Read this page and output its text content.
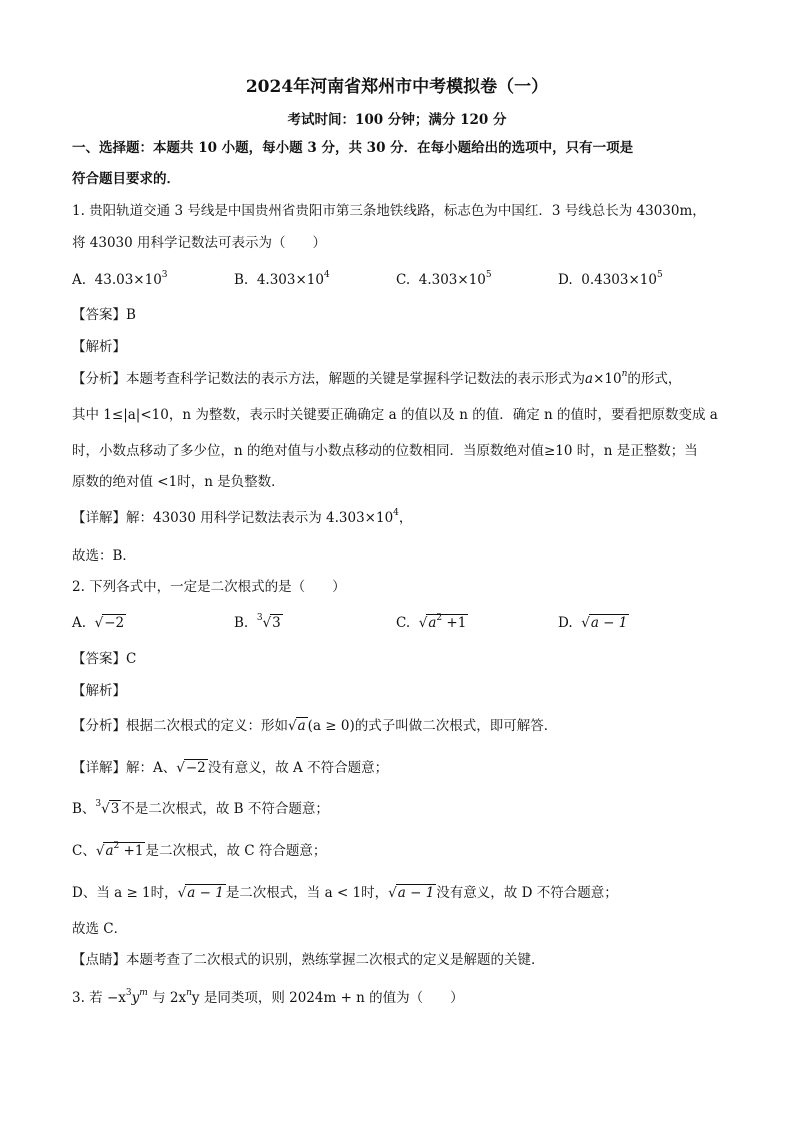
2024年河南省郑州市中考模拟卷（一）
考试时间：100 分钟；满分 120 分
一、选择题：本题共 10 小题，每小题 3 分，共 30 分．在每小题给出的选项中，只有一项是
符合题目要求的．
1. 贵阳轨道交通 3 号线是中国贵州省贵阳市第三条地铁线路，标志色为中国红．3 号线总长为 43030m，
将 43030 用科学记数法可表示为（　　）
A. $43.03\times 10^3$	B. $4.303\times 10^4$	C. $4.303\times 10^5$	D. $0.4303\times 10^5$
【答案】B
【解析】
【分析】本题考查科学记数法的表示方法，解题的关键是掌握科学记数法的表示形式为$a\times 10^n$的形式，
其中 1≤|a|<10，n 为整数，表示时关键要正确确定 a 的值以及 n 的值．确定 n 的值时，要看把原数变成 a
时，小数点移动了多少位，n 的绝对值与小数点移动的位数相同．当原数绝对值≥10 时，n 是正整数；当
原数的绝对值 <1时，n 是负整数．
【详解】解：43030 用科学记数法表示为 $4.303\times 10^4$，
故选：B．
2. 下列各式中，一定是二次根式的是（　　）
A. √−2	B. $^3$√3	C. $√a^2 +1$	D. √a − 1
【答案】C
【解析】
【分析】根据二次根式的定义：形如√a (a ≥ 0)的式子叫做二次根式，即可解答．
【详解】解：A、√−2 没有意义，故 A 不符合题意；
B、$^3$√3 不是二次根式，故 B 不符合题意；
C、$√a^2 +1$ 是二次根式，故 C 符合题意；
D、当 a ≥ 1时，√a − 1 是二次根式，当 a < 1时，√a − 1 没有意义，故 D 不符合题意；
故选 C．
【点睛】本题考查了二次根式的识别，熟练掌握二次根式的定义是解题的关键．
3. 若 $-x^3y^m$ 与 $2x^ny$ 是同类项，则 2024m + n 的值为（　　）
